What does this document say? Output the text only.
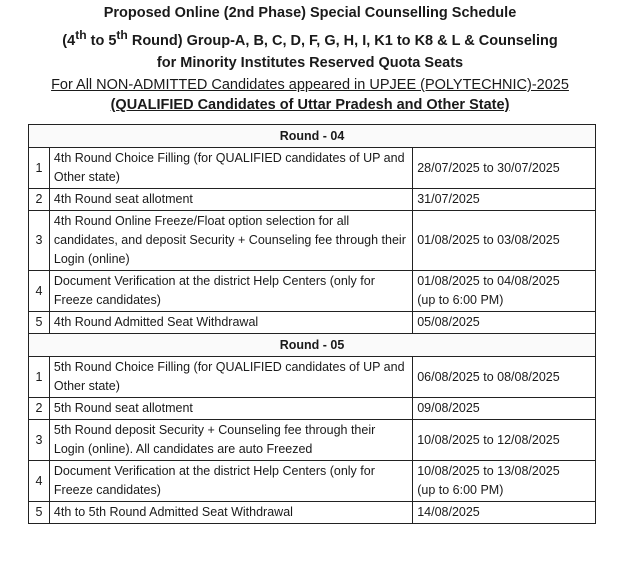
Proposed Online (2nd Phase) Special Counselling Schedule
(4th to 5th Round) Group-A, B, C, D, F, G, H, I, K1 to K8 & L & Counseling
for Minority Institutes Reserved Quota Seats
For All NON-ADMITTED Candidates appeared in UPJEE (POLYTECHNIC)-2025
(QUALIFIED Candidates of Uttar Pradesh and Other State)
Round - 04		
1	4th Round Choice Filling (for QUALIFIED candidates of UP and Other state)	28/07/2025 to 30/07/2025
2	4th Round seat allotment	31/07/2025
3	4th Round Online Freeze/Float option selection for all candidates, and deposit Security + Counseling fee through their Login (online)	01/08/2025 to 03/08/2025
4	Document Verification at the district Help Centers (only for Freeze candidates)	01/08/2025 to 04/08/2025
(up to 6:00 PM)

5	4th Round Admitted Seat Withdrawal	05/08/2025
Round - 05		
1	5th Round Choice Filling (for QUALIFIED candidates of UP and Other state)	06/08/2025 to 08/08/2025
2	5th Round seat allotment	09/08/2025
3	5th Round deposit Security + Counseling fee through their Login (online). All candidates are auto Freezed	10/08/2025 to 12/08/2025
4	Document Verification at the district Help Centers (only for Freeze candidates)	10/08/2025 to 13/08/2025
(up to 6:00 PM)

5	4th to 5th Round Admitted Seat Withdrawal	14/08/2025
